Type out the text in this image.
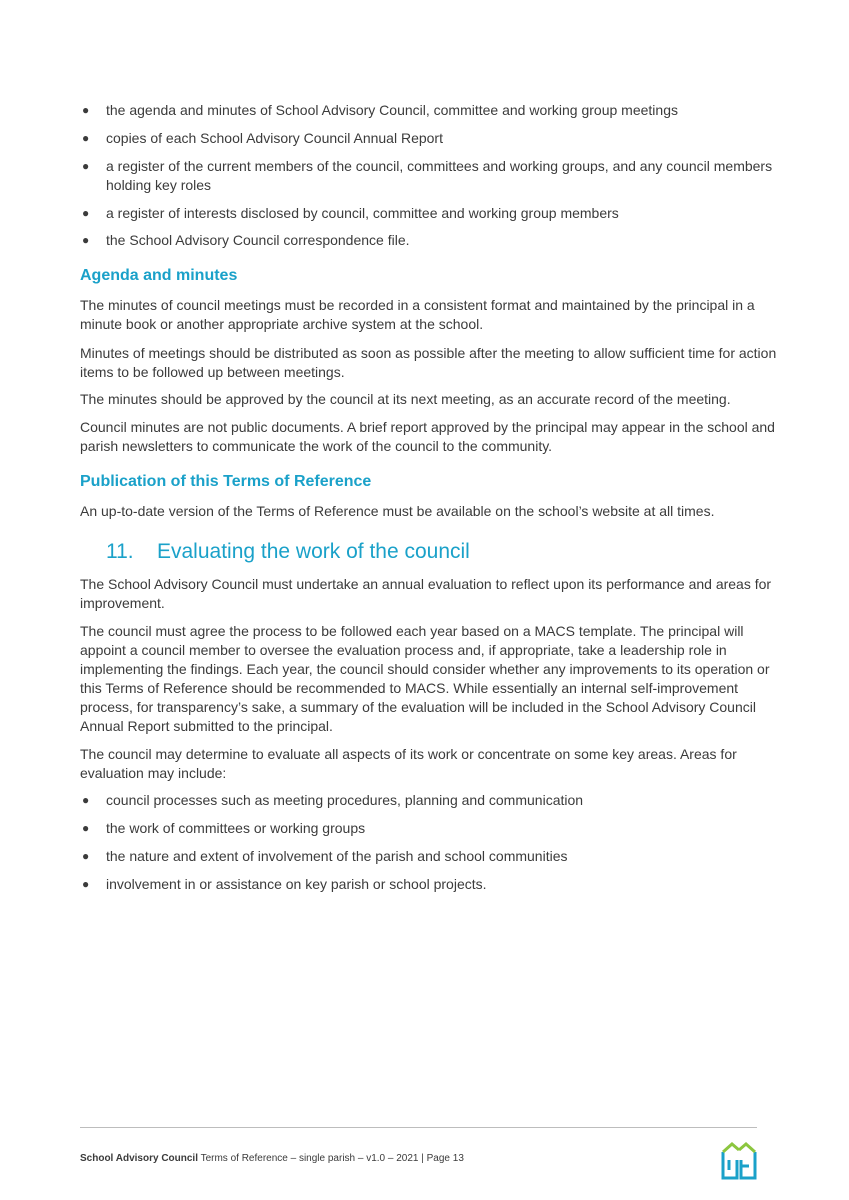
● the agenda and minutes of School Advisory Council, committee and working group meetings
● copies of each School Advisory Council Annual Report
● a register of the current members of the council, committees and working groups, and any council members holding key roles
● a register of interests disclosed by council, committee and working group members
● the School Advisory Council correspondence file.
Agenda and minutes

The minutes of council meetings must be recorded in a consistent format and maintained by the principal in a minute book or another appropriate archive system at the school.

Minutes of meetings should be distributed as soon as possible after the meeting to allow sufficient time for action items to be followed up between meetings.

The minutes should be approved by the council at its next meeting, as an accurate record of the meeting.

Council minutes are not public documents. A brief report approved by the principal may appear in the school and parish newsletters to communicate the work of the council to the community.

Publication of this Terms of Reference

An up-to-date version of the Terms of Reference must be available on the school’s website at all times.

11. Evaluating the work of the council

The School Advisory Council must undertake an annual evaluation to reflect upon its performance and areas for improvement.

The council must agree the process to be followed each year based on a MACS template. The principal will appoint a council member to oversee the evaluation process and, if appropriate, take a leadership role in implementing the findings. Each year, the council should consider whether any improvements to its operation or this Terms of Reference should be recommended to MACS. While essentially an internal self-improvement process, for transparency’s sake, a summary of the evaluation will be included in the School Advisory Council Annual Report submitted to the principal.

The council may determine to evaluate all aspects of its work or concentrate on some key areas. Areas for evaluation may include:

● council processes such as meeting procedures, planning and communication
● the work of committees or working groups
● the nature and extent of involvement of the parish and school communities
● involvement in or assistance on key parish or school projects.
School Advisory Council Terms of Reference – single parish – v1.0 – 2021 | Page 13
